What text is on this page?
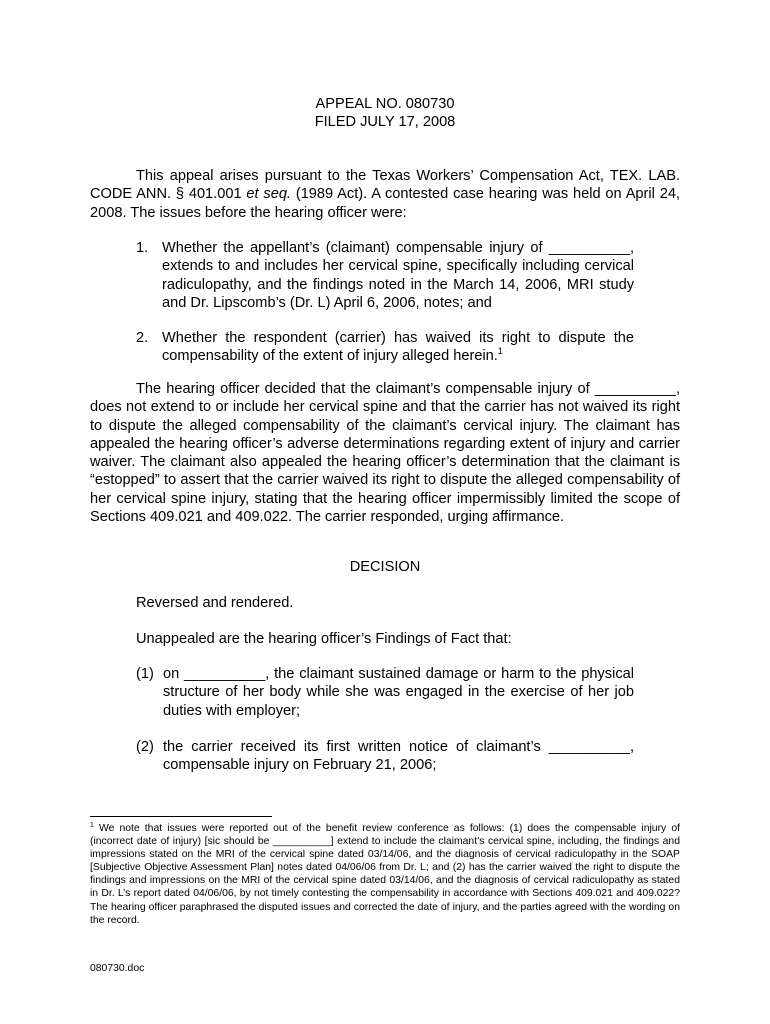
APPEAL NO. 080730
FILED JULY 17, 2008
This appeal arises pursuant to the Texas Workers’ Compensation Act, TEX. LAB. CODE ANN. § 401.001 et seq. (1989 Act). A contested case hearing was held on April 24, 2008. The issues before the hearing officer were:
1. Whether the appellant’s (claimant) compensable injury of __________, extends to and includes her cervical spine, specifically including cervical radiculopathy, and the findings noted in the March 14, 2006, MRI study and Dr. Lipscomb’s (Dr. L) April 6, 2006, notes; and
2. Whether the respondent (carrier) has waived its right to dispute the compensability of the extent of injury alleged herein.$^1$
The hearing officer decided that the claimant’s compensable injury of __________, does not extend to or include her cervical spine and that the carrier has not waived its right to dispute the alleged compensability of the claimant’s cervical injury. The claimant has appealed the hearing officer’s adverse determinations regarding extent of injury and carrier waiver. The claimant also appealed the hearing officer’s determination that the claimant is “estopped” to assert that the carrier waived its right to dispute the alleged compensability of her cervical spine injury, stating that the hearing officer impermissibly limited the scope of Sections 409.021 and 409.022. The carrier responded, urging affirmance.
DECISION
Reversed and rendered.
Unappealed are the hearing officer’s Findings of Fact that:
(1) on __________, the claimant sustained damage or harm to the physical structure of her body while she was engaged in the exercise of her job duties with employer;
(2) the carrier received its first written notice of claimant’s __________, compensable injury on February 21, 2006;
$^1$ We note that issues were reported out of the benefit review conference as follows: (1) does the compensable injury of (incorrect date of injury) [sic should be __________] extend to include the claimant’s cervical spine, including, the findings and impressions stated on the MRI of the cervical spine dated 03/14/06, and the diagnosis of cervical radiculopathy in the SOAP [Subjective Objective Assessment Plan] notes dated 04/06/06 from Dr. L; and (2) has the carrier waived the right to dispute the findings and impressions on the MRI of the cervical spine dated 03/14/06, and the diagnosis of cervical radiculopathy as stated in Dr. L’s report dated 04/06/06, by not timely contesting the compensability in accordance with Sections 409.021 and 409.022? The hearing officer paraphrased the disputed issues and corrected the date of injury, and the parties agreed with the wording on the record.
080730.doc
